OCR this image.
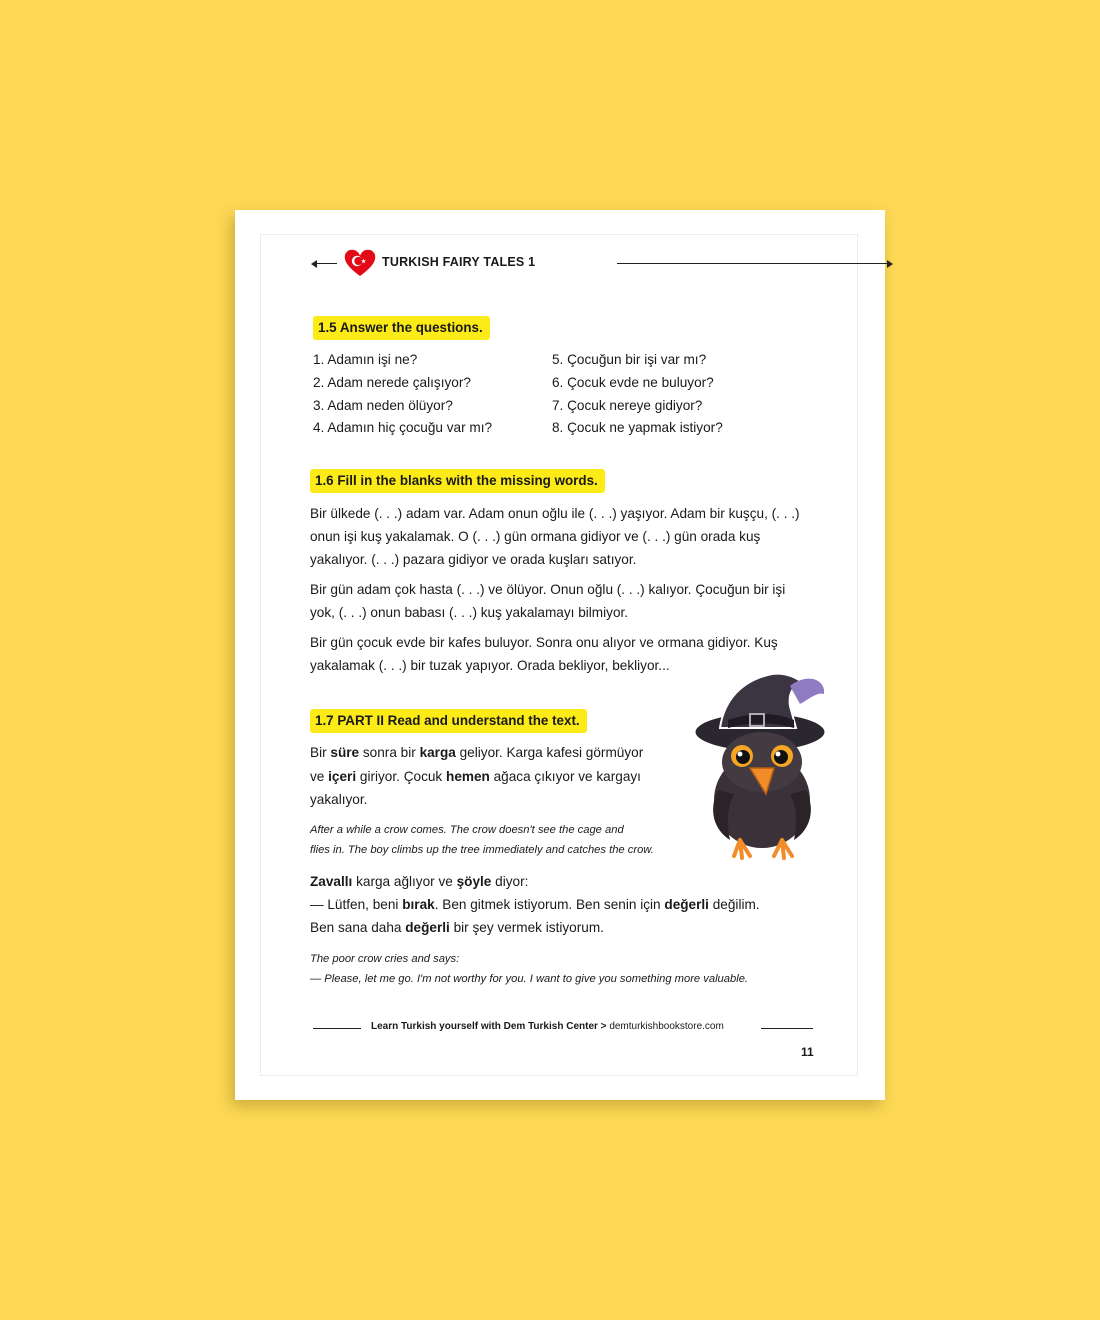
TURKISH FAIRY TALES 1
1.5 Answer the questions.
1. Adamın işi ne?
2. Adam nerede çalışıyor?
3. Adam neden ölüyor?
4. Adamın hiç çocuğu var mı?
5. Çocuğun bir işi var mı?
6. Çocuk evde ne buluyor?
7. Çocuk nereye gidiyor?
8. Çocuk ne yapmak istiyor?
1.6 Fill in the blanks with the missing words.
Bir ülkede (. . .) adam var. Adam onun oğlu ile (. . .) yaşıyor. Adam bir kuşçu, (. . .)
onun işi kuş yakalamak. O (. . .) gün ormana gidiyor ve (. . .) gün orada kuş
yakalıyor. (. . .) pazara gidiyor ve orada kuşları satıyor.
Bir gün adam çok hasta (. . .) ve ölüyor. Onun oğlu (. . .) kalıyor. Çocuğun bir işi
yok, (. . .) onun babası (. . .) kuş yakalamayı bilmiyor.
Bir gün çocuk evde bir kafes buluyor. Sonra onu alıyor ve ormana gidiyor. Kuş
yakalamak (. . .) bir tuzak yapıyor. Orada bekliyor, bekliyor...
1.7 PART II Read and understand the text.
Bir süre sonra bir karga geliyor. Karga kafesi görmüyor
ve içeri giriyor. Çocuk hemen ağaca çıkıyor ve kargayı
yakalıyor.
After a while a crow comes. The crow doesn't see the cage and
flies in. The boy climbs up the tree immediately and catches the crow.
Zavallı karga ağlıyor ve şöyle diyor:
— Lütfen, beni bırak. Ben gitmek istiyorum. Ben senin için değerli değilim.
Ben sana daha değerli bir şey vermek istiyorum.
The poor crow cries and says:
— Please, let me go. I'm not worthy for you. I want to give you something more valuable.
Learn Turkish yourself with Dem Turkish Center > demturkishbookstore.com
11
